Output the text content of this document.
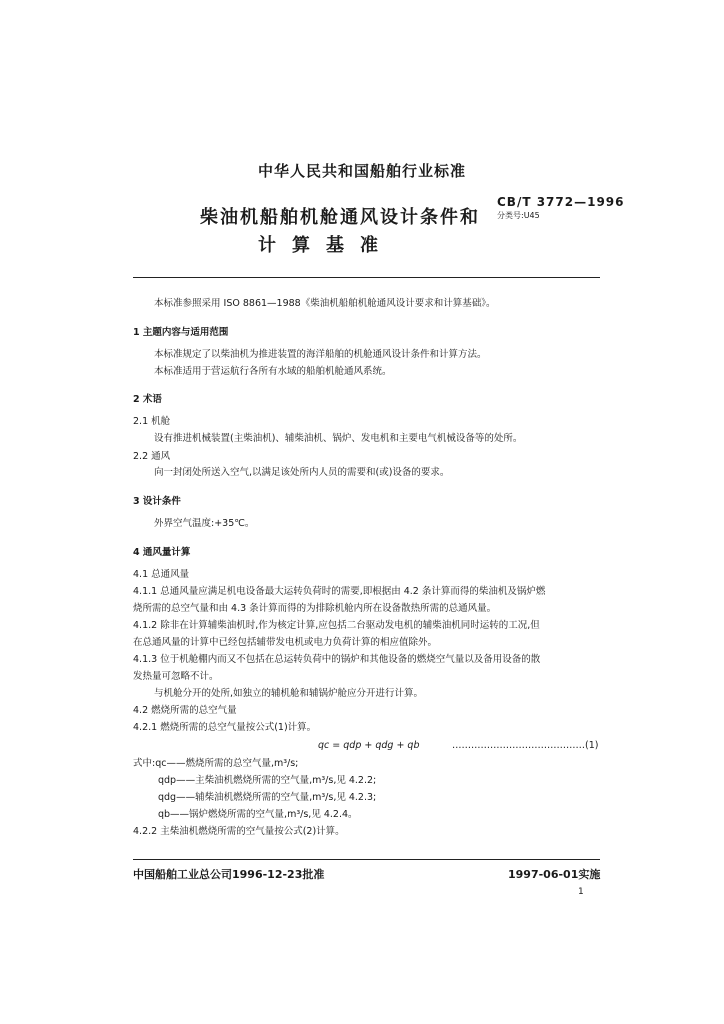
中华人民共和国船舶行业标准
柴油机船舶机舱通风设计条件和
计算基准
CB/T 3772—1996
分类号:U45
本标准参照采用 ISO 8861—1988《柴油机船舶机舱通风设计要求和计算基础》。
1 主题内容与适用范围
本标准规定了以柴油机为推进装置的海洋船舶的机舱通风设计条件和计算方法。
本标准适用于营运航行各所有水域的船舶机舱通风系统。
2 术语
2.1 机舱
设有推进机械装置(主柴油机)、辅柴油机、锅炉、发电机和主要电气机械设备等的处所。
2.2 通风
向一封闭处所送入空气,以满足该处所内人员的需要和(或)设备的要求。
3 设计条件
外界空气温度:+35℃。
4 通风量计算
4.1 总通风量
4.1.1 总通风量应满足机电设备最大运转负荷时的需要,即根据由 4.2 条计算而得的柴油机及锅炉燃
烧所需的总空气量和由 4.3 条计算而得的为排除机舱内所在设备散热所需的总通风量。
4.1.2 除非在计算辅柴油机时,作为核定计算,应包括二台驱动发电机的辅柴油机同时运转的工况,但
在总通风量的计算中已经包括辅带发电机或电力负荷计算的相应值除外。
4.1.3 位于机舱棚内而又不包括在总运转负荷中的锅炉和其他设备的燃烧空气量以及备用设备的散
发热量可忽略不计。
与机舱分开的处所,如独立的辅机舱和辅锅炉舱应分开进行计算。
4.2 燃烧所需的总空气量
4.2.1 燃烧所需的总空气量按公式(1)计算。
qc = qdp + qdg + qb	……………………………………(1)
式中:qc——燃烧所需的总空气量,m³/s;
qdp——主柴油机燃烧所需的空气量,m³/s,见 4.2.2;
qdg——辅柴油机燃烧所需的空气量,m³/s,见 4.2.3;
qb——锅炉燃烧所需的空气量,m³/s,见 4.2.4。
4.2.2 主柴油机燃烧所需的空气量按公式(2)计算。
中国船舶工业总公司1996-12-23批准	1997-06-01实施
1
